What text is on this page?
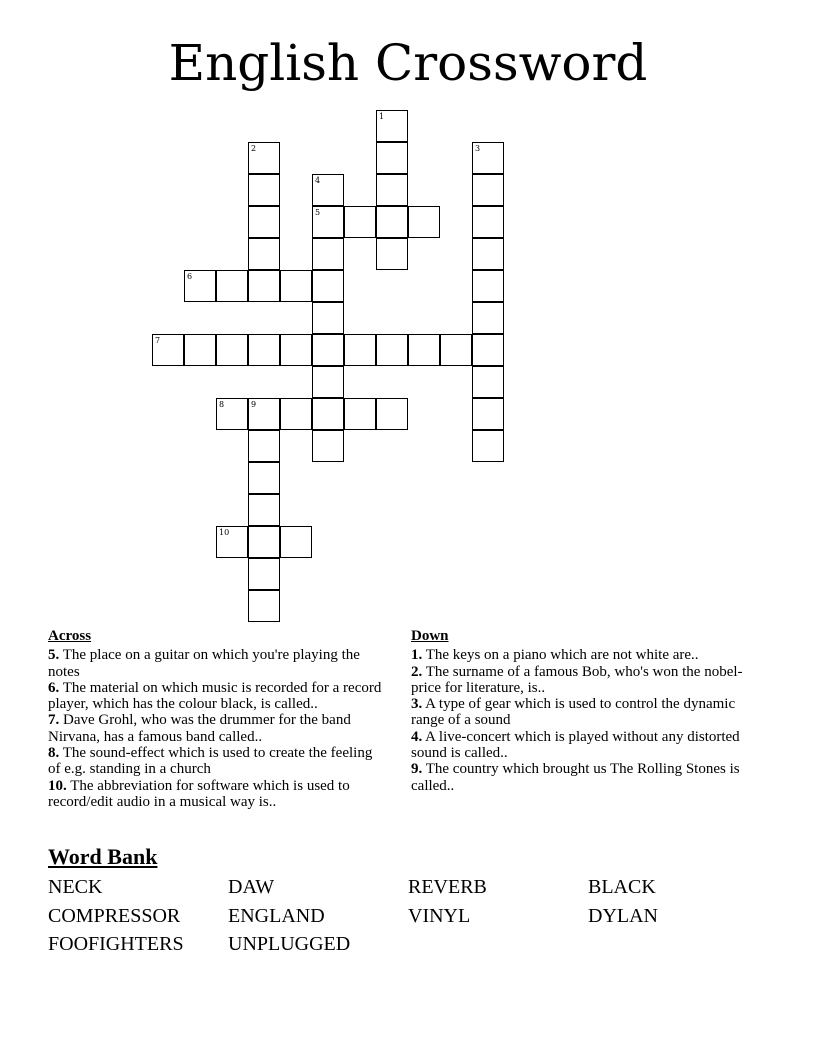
English Crossword
1
2	3
4
5
6
7
8	9
10
Across
5. The place on a guitar on which you're playing the notes
6. The material on which music is recorded for a record player, which has the colour black, is called..
7. Dave Grohl, who was the drummer for the band Nirvana, has a famous band called..
8. The sound-effect which is used to create the feeling of e.g. standing in a church
10. The abbreviation for software which is used to record/edit audio in a musical way is..
Down
1. The keys on a piano which are not white are..
2. The surname of a famous Bob, who's won the nobel-price for literature, is..
3. A type of gear which is used to control the dynamic range of a sound
4. A live-concert which is played without any distorted sound is called..
9. The country which brought us The Rolling Stones is called..
Word Bank
NECK	DAW	REVERB	BLACK
COMPRESSOR	ENGLAND	VINYL	DYLAN
FOOFIGHTERS	UNPLUGGED
